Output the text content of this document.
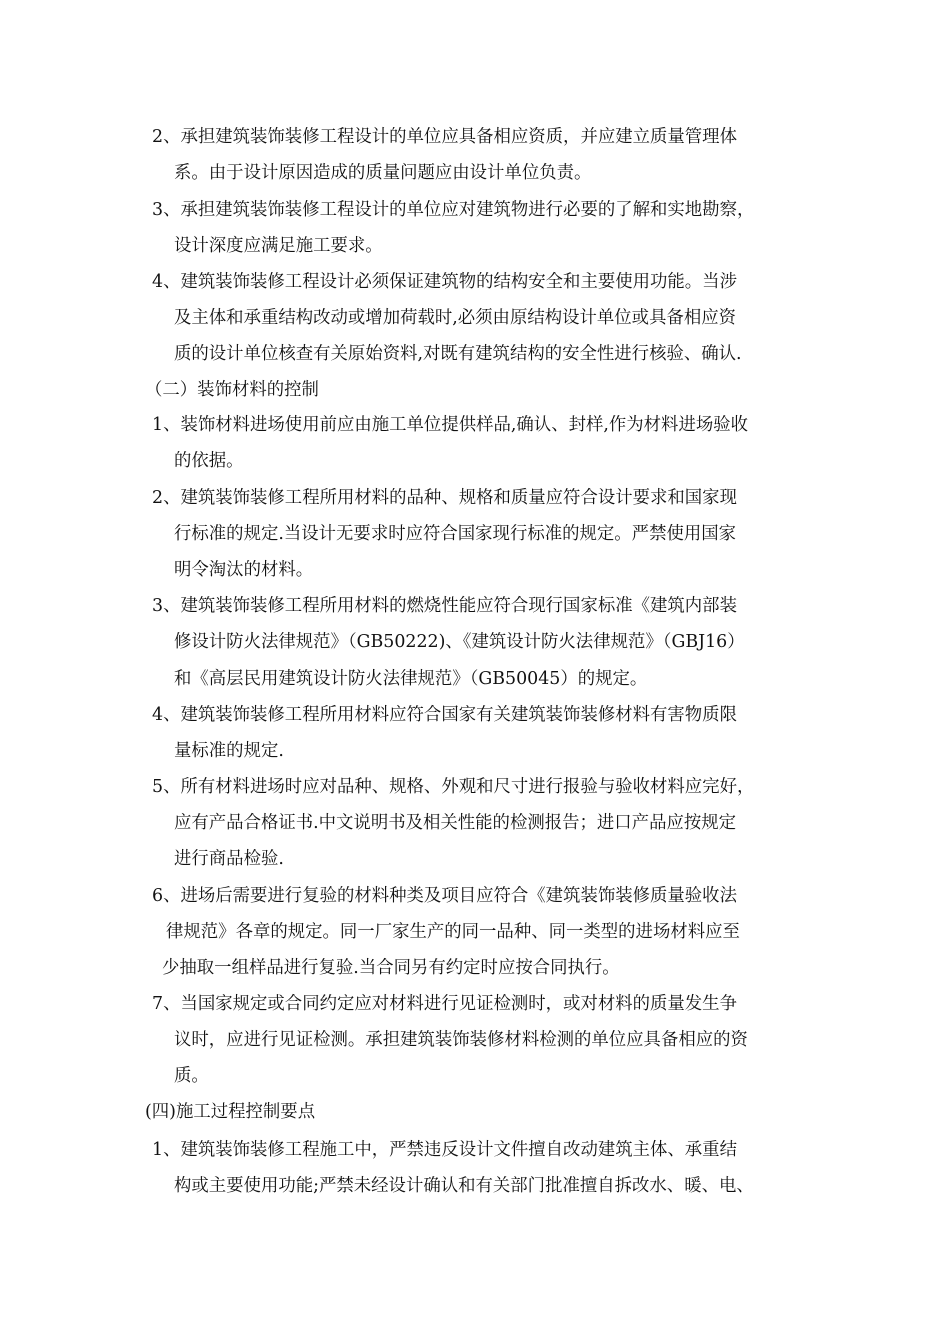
2、承担建筑装饰装修工程设计的单位应具备相应资质，并应建立质量管理体
系。由于设计原因造成的质量问题应由设计单位负责。
3、承担建筑装饰装修工程设计的单位应对建筑物进行必要的了解和实地勘察，
设计深度应满足施工要求。
4、建筑装饰装修工程设计必须保证建筑物的结构安全和主要使用功能。当涉
及主体和承重结构改动或增加荷载时,必须由原结构设计单位或具备相应资
质的设计单位核查有关原始资料,对既有建筑结构的安全性进行核验、确认.
（二）装饰材料的控制
1、装饰材料进场使用前应由施工单位提供样品,确认、封样,作为材料进场验收
的依据。
2、建筑装饰装修工程所用材料的品种、规格和质量应符合设计要求和国家现
行标准的规定.当设计无要求时应符合国家现行标准的规定。严禁使用国家
明令淘汰的材料。
3、建筑装饰装修工程所用材料的燃烧性能应符合现行国家标准《建筑内部装
修设计防火法律规范》（GB50222)、《建筑设计防火法律规范》（GBJ16）
和《高层民用建筑设计防火法律规范》（GB50045）的规定。
4、建筑装饰装修工程所用材料应符合国家有关建筑装饰装修材料有害物质限
量标准的规定.
5、所有材料进场时应对品种、规格、外观和尺寸进行报验与验收材料应完好，
应有产品合格证书.中文说明书及相关性能的检测报告；进口产品应按规定
进行商品检验.
6、进场后需要进行复验的材料种类及项目应符合《建筑装饰装修质量验收法
律规范》各章的规定。同一厂家生产的同一品种、同一类型的进场材料应至
少抽取一组样品进行复验.当合同另有约定时应按合同执行。
7、当国家规定或合同约定应对材料进行见证检测时，或对材料的质量发生争
议时，应进行见证检测。承担建筑装饰装修材料检测的单位应具备相应的资
质。
(四)施工过程控制要点
1、建筑装饰装修工程施工中，严禁违反设计文件擅自改动建筑主体、承重结
构或主要使用功能;严禁未经设计确认和有关部门批准擅自拆改水、暖、电、
